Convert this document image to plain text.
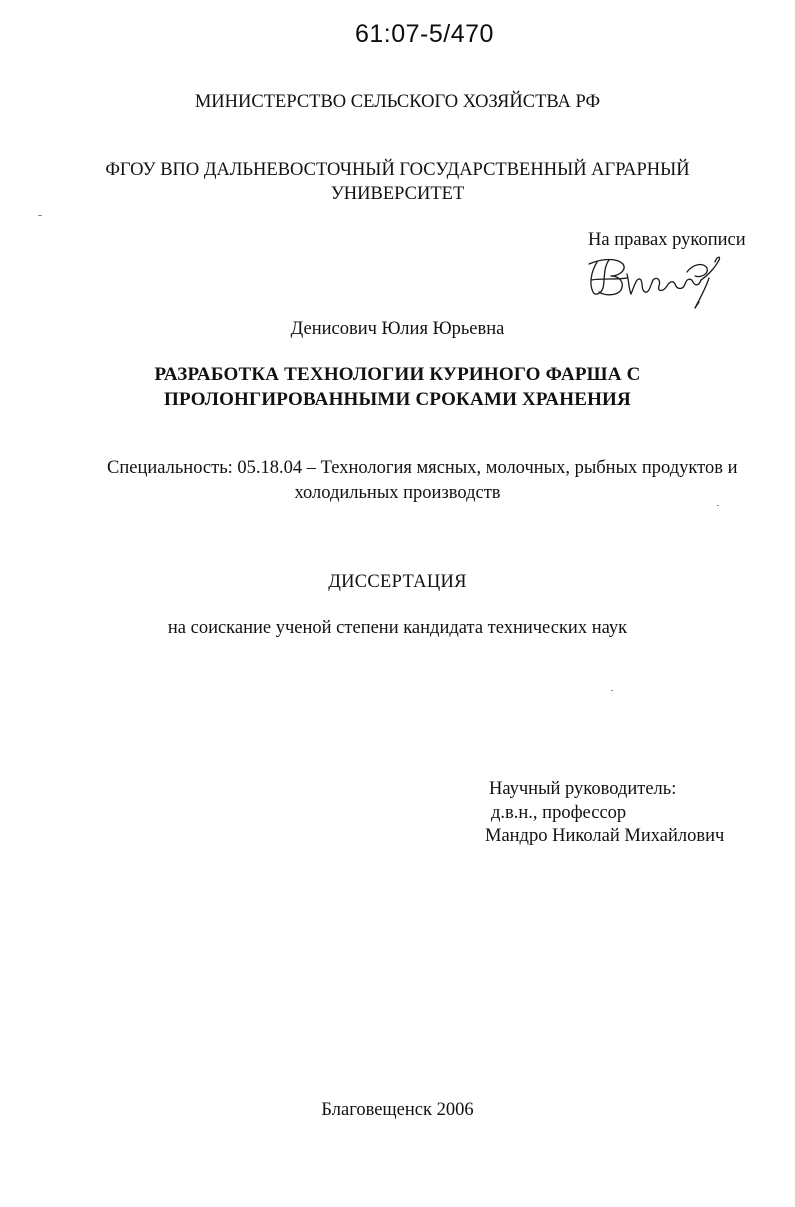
61:07-5/470
МИНИСТЕРСТВО СЕЛЬСКОГО ХОЗЯЙСТВА РФ
ФГОУ ВПО ДАЛЬНЕВОСТОЧНЫЙ ГОСУДАРСТВЕННЫЙ АГРАРНЫЙ
УНИВЕРСИТЕТ
На правах рукописи
Денисович Юлия Юрьевна
РАЗРАБОТКА ТЕХНОЛОГИИ КУРИНОГО ФАРША С
ПРОЛОНГИРОВАННЫМИ СРОКАМИ ХРАНЕНИЯ
Специальность: 05.18.04 – Технология мясных, молочных, рыбных продуктов и
холодильных производств
ДИССЕРТАЦИЯ
на соискание ученой степени кандидата технических наук
Научный руководитель:
д.в.н., профессор
Мандро Николай Михайлович
Благовещенск 2006
